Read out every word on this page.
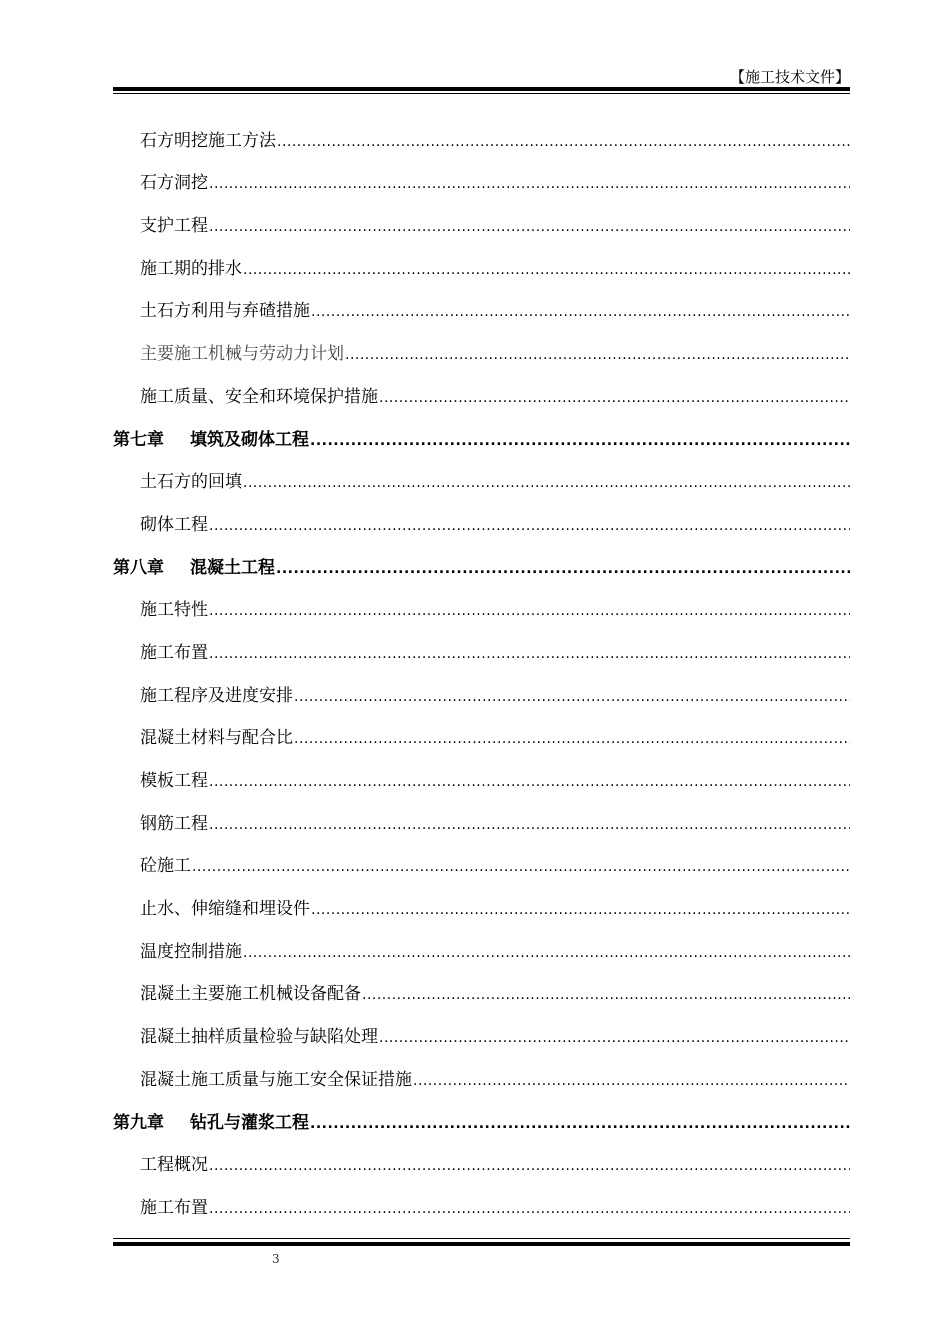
【施工技术文件】
石方明挖施工方法
.....
石方洞挖
.....
支护工程
.....
施工期的排水
.....
土石方利用与弃碴措施
.....
主要施工机械与劳动力计划
.....
施工质量、安全和环境保护措施
.....
第七章 填筑及砌体工程
.....
土石方的回填
.....
砌体工程
.....
第八章 混凝土工程
.....
施工特性
.....
施工布置
.....
施工程序及进度安排
.....
混凝土材料与配合比
.....
模板工程
.....
钢筋工程
.....
砼施工
.....
止水、伸缩缝和埋设件
.....
温度控制措施
.....
混凝土主要施工机械设备配备
.....
混凝土抽样质量检验与缺陷处理
.....
混凝土施工质量与施工安全保证措施
.....
第九章 钻孔与灌浆工程
.....
工程概况
.....
施工布置
.....
3
